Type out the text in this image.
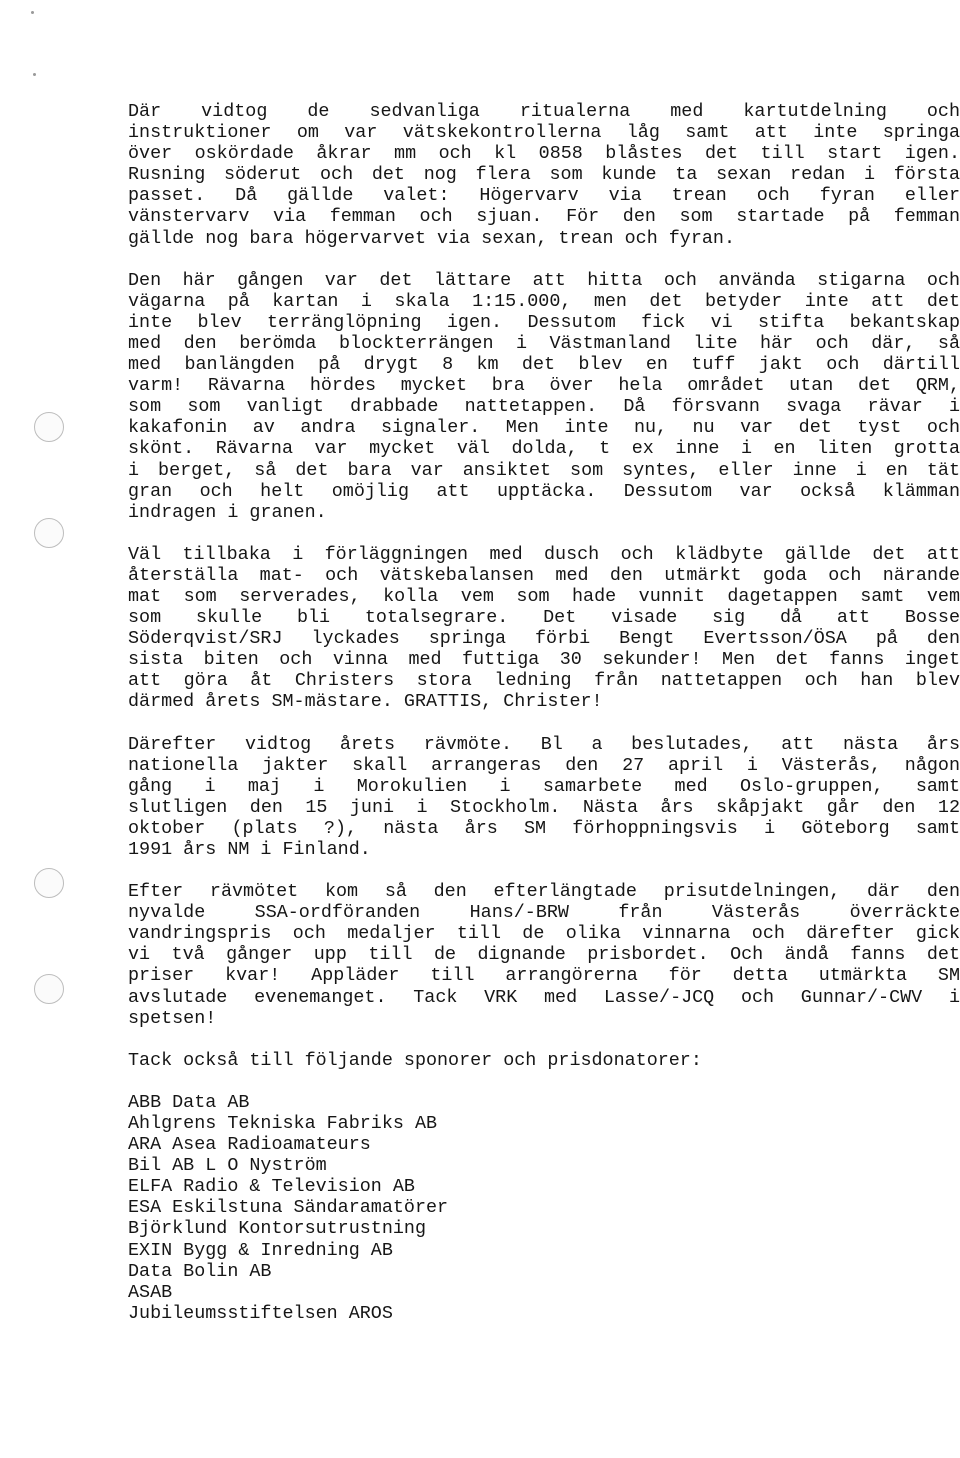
Där vidtog de sedvanliga ritualerna med kartutdelning och
instruktioner om var vätskekontrollerna låg samt att inte springa
över oskördade åkrar mm och kl 0858 blåstes det till start igen.
Rusning söderut och det nog flera som kunde ta sexan redan i första
passet. Då gällde valet: Högervarv via trean och fyran eller
vänstervarv via femman och sjuan. För den som startade på femman
gällde nog bara högervarvet via sexan, trean och fyran.
Den här gången var det lättare att hitta och använda stigarna och
vägarna på kartan i skala 1:15.000, men det betyder inte att det
inte blev terränglöpning igen. Dessutom fick vi stifta bekantskap
med den berömda blockterrängen i Västmanland lite här och där, så
med banlängden på drygt 8 km det blev en tuff jakt och därtill
varm! Rävarna hördes mycket bra över hela området utan det QRM,
som som vanligt drabbade nattetappen. Då försvann svaga rävar i
kakafonin av andra signaler. Men inte nu, nu var det tyst och
skönt. Rävarna var mycket väl dolda, t ex inne i en liten grotta
i berget, så det bara var ansiktet som syntes, eller inne i en tät
gran och helt omöjlig att upptäcka. Dessutom var också klämman
indragen i granen.
Väl tillbaka i förläggningen med dusch och klädbyte gällde det att
återställa mat- och vätskebalansen med den utmärkt goda och närande
mat som serverades, kolla vem som hade vunnit dagetappen samt vem
som skulle bli totalsegrare. Det visade sig då att Bosse
Söderqvist/SRJ lyckades springa förbi Bengt Evertsson/ÖSA på den
sista biten och vinna med futtiga 30 sekunder! Men det fanns inget
att göra åt Christers stora ledning från nattetappen och han blev
därmed årets SM-mästare. GRATTIS, Christer!
Därefter vidtog årets rävmöte. Bl a beslutades, att nästa års
nationella jakter skall arrangeras den 27 april i Västerås, någon
gång i maj i Morokulien i samarbete med Oslo-gruppen, samt
slutligen den 15 juni i Stockholm. Nästa års skåpjakt går den 12
oktober (plats ?), nästa års SM förhoppningsvis i Göteborg samt
1991 års NM i Finland.
Efter rävmötet kom så den efterlängtade prisutdelningen, där den
nyvalde SSA-ordföranden Hans/-BRW från Västerås överräckte
vandringspris och medaljer till de olika vinnarna och därefter gick
vi två gånger upp till de dignande prisbordet. Och ändå fanns det
priser kvar! Appläder till arrangörerna för detta utmärkta SM
avslutade evenemanget. Tack VRK med Lasse/-JCQ och Gunnar/-CWV i
spetsen!
Tack också till följande sponorer och prisdonatorer:
ABB Data AB
Ahlgrens Tekniska Fabriks AB
ARA Asea Radioamateurs
Bil AB L O Nyström
ELFA Radio & Television AB
ESA Eskilstuna Sändaramatörer
Björklund Kontorsutrustning
EXIN Bygg & Inredning AB
Data Bolin AB
ASAB
Jubileumsstiftelsen AROS
